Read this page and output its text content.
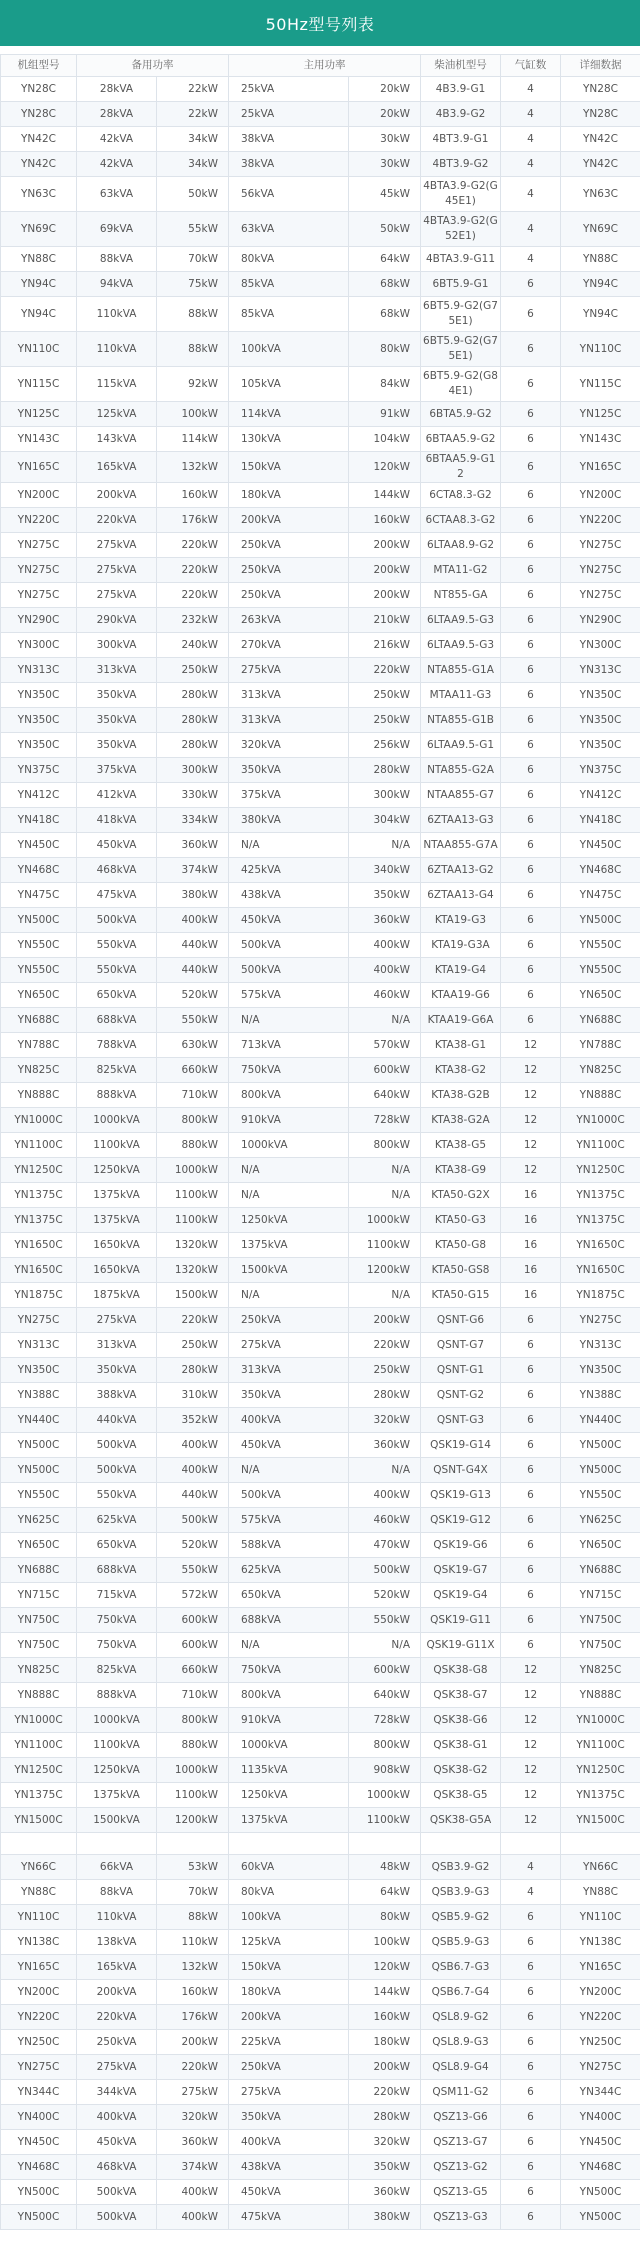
50Hz型号列表
机组型号	备用功率		主用功率		柴油机型号	气缸数	详细数据
YN28C	28kVA	22kW	25kVA	20kW	4B3.9-G1	4	YN28C
YN28C	28kVA	22kW	25kVA	20kW	4B3.9-G2	4	YN28C
YN42C	42kVA	34kW	38kVA	30kW	4BT3.9-G1	4	YN42C
YN42C	42kVA	34kW	38kVA	30kW	4BT3.9-G2	4	YN42C
YN63C	63kVA	50kW	56kVA	45kW	4BTA3.9-G2(G45E1)	4	YN63C
YN69C	69kVA	55kW	63kVA	50kW	4BTA3.9-G2(G52E1)	4	YN69C
YN88C	88kVA	70kW	80kVA	64kW	4BTA3.9-G11	4	YN88C
YN94C	94kVA	75kW	85kVA	68kW	6BT5.9-G1	6	YN94C
YN94C	110kVA	88kW	85kVA	68kW	6BT5.9-G2(G75E1)	6	YN94C
YN110C	110kVA	88kW	100kVA	80kW	6BT5.9-G2(G75E1)	6	YN110C
YN115C	115kVA	92kW	105kVA	84kW	6BT5.9-G2(G84E1)	6	YN115C
YN125C	125kVA	100kW	114kVA	91kW	6BTA5.9-G2	6	YN125C
YN143C	143kVA	114kW	130kVA	104kW	6BTAA5.9-G2	6	YN143C
YN165C	165kVA	132kW	150kVA	120kW	6BTAA5.9-G12	6	YN165C
YN200C	200kVA	160kW	180kVA	144kW	6CTA8.3-G2	6	YN200C
YN220C	220kVA	176kW	200kVA	160kW	6CTAA8.3-G2	6	YN220C
YN275C	275kVA	220kW	250kVA	200kW	6LTAA8.9-G2	6	YN275C
YN275C	275kVA	220kW	250kVA	200kW	MTA11-G2	6	YN275C
YN275C	275kVA	220kW	250kVA	200kW	NT855-GA	6	YN275C
YN290C	290kVA	232kW	263kVA	210kW	6LTAA9.5-G3	6	YN290C
YN300C	300kVA	240kW	270kVA	216kW	6LTAA9.5-G3	6	YN300C
YN313C	313kVA	250kW	275kVA	220kW	NTA855-G1A	6	YN313C
YN350C	350kVA	280kW	313kVA	250kW	MTAA11-G3	6	YN350C
YN350C	350kVA	280kW	313kVA	250kW	NTA855-G1B	6	YN350C
YN350C	350kVA	280kW	320kVA	256kW	6LTAA9.5-G1	6	YN350C
YN375C	375kVA	300kW	350kVA	280kW	NTA855-G2A	6	YN375C
YN412C	412kVA	330kW	375kVA	300kW	NTAA855-G7	6	YN412C
YN418C	418kVA	334kW	380kVA	304kW	6ZTAA13-G3	6	YN418C
YN450C	450kVA	360kW	N/A	N/A	NTAA855-G7A	6	YN450C
YN468C	468kVA	374kW	425kVA	340kW	6ZTAA13-G2	6	YN468C
YN475C	475kVA	380kW	438kVA	350kW	6ZTAA13-G4	6	YN475C
YN500C	500kVA	400kW	450kVA	360kW	KTA19-G3	6	YN500C
YN550C	550kVA	440kW	500kVA	400kW	KTA19-G3A	6	YN550C
YN550C	550kVA	440kW	500kVA	400kW	KTA19-G4	6	YN550C
YN650C	650kVA	520kW	575kVA	460kW	KTAA19-G6	6	YN650C
YN688C	688kVA	550kW	N/A	N/A	KTAA19-G6A	6	YN688C
YN788C	788kVA	630kW	713kVA	570kW	KTA38-G1	12	YN788C
YN825C	825kVA	660kW	750kVA	600kW	KTA38-G2	12	YN825C
YN888C	888kVA	710kW	800kVA	640kW	KTA38-G2B	12	YN888C
YN1000C	1000kVA	800kW	910kVA	728kW	KTA38-G2A	12	YN1000C
YN1100C	1100kVA	880kW	1000kVA	800kW	KTA38-G5	12	YN1100C
YN1250C	1250kVA	1000kW	N/A	N/A	KTA38-G9	12	YN1250C
YN1375C	1375kVA	1100kW	N/A	N/A	KTA50-G2X	16	YN1375C
YN1375C	1375kVA	1100kW	1250kVA	1000kW	KTA50-G3	16	YN1375C
YN1650C	1650kVA	1320kW	1375kVA	1100kW	KTA50-G8	16	YN1650C
YN1650C	1650kVA	1320kW	1500kVA	1200kW	KTA50-GS8	16	YN1650C
YN1875C	1875kVA	1500kW	N/A	N/A	KTA50-G15	16	YN1875C
YN275C	275kVA	220kW	250kVA	200kW	QSNT-G6	6	YN275C
YN313C	313kVA	250kW	275kVA	220kW	QSNT-G7	6	YN313C
YN350C	350kVA	280kW	313kVA	250kW	QSNT-G1	6	YN350C
YN388C	388kVA	310kW	350kVA	280kW	QSNT-G2	6	YN388C
YN440C	440kVA	352kW	400kVA	320kW	QSNT-G3	6	YN440C
YN500C	500kVA	400kW	450kVA	360kW	QSK19-G14	6	YN500C
YN500C	500kVA	400kW	N/A	N/A	QSNT-G4X	6	YN500C
YN550C	550kVA	440kW	500kVA	400kW	QSK19-G13	6	YN550C
YN625C	625kVA	500kW	575kVA	460kW	QSK19-G12	6	YN625C
YN650C	650kVA	520kW	588kVA	470kW	QSK19-G6	6	YN650C
YN688C	688kVA	550kW	625kVA	500kW	QSK19-G7	6	YN688C
YN715C	715kVA	572kW	650kVA	520kW	QSK19-G4	6	YN715C
YN750C	750kVA	600kW	688kVA	550kW	QSK19-G11	6	YN750C
YN750C	750kVA	600kW	N/A	N/A	QSK19-G11X	6	YN750C
YN825C	825kVA	660kW	750kVA	600kW	QSK38-G8	12	YN825C
YN888C	888kVA	710kW	800kVA	640kW	QSK38-G7	12	YN888C
YN1000C	1000kVA	800kW	910kVA	728kW	QSK38-G6	12	YN1000C
YN1100C	1100kVA	880kW	1000kVA	800kW	QSK38-G1	12	YN1100C
YN1250C	1250kVA	1000kW	1135kVA	908kW	QSK38-G2	12	YN1250C
YN1375C	1375kVA	1100kW	1250kVA	1000kW	QSK38-G5	12	YN1375C
YN1500C	1500kVA	1200kW	1375kVA	1100kW	QSK38-G5A	12	YN1500C

YN66C	66kVA	53kW	60kVA	48kW	QSB3.9-G2	4	YN66C
YN88C	88kVA	70kW	80kVA	64kW	QSB3.9-G3	4	YN88C
YN110C	110kVA	88kW	100kVA	80kW	QSB5.9-G2	6	YN110C
YN138C	138kVA	110kW	125kVA	100kW	QSB5.9-G3	6	YN138C
YN165C	165kVA	132kW	150kVA	120kW	QSB6.7-G3	6	YN165C
YN200C	200kVA	160kW	180kVA	144kW	QSB6.7-G4	6	YN200C
YN220C	220kVA	176kW	200kVA	160kW	QSL8.9-G2	6	YN220C
YN250C	250kVA	200kW	225kVA	180kW	QSL8.9-G3	6	YN250C
YN275C	275kVA	220kW	250kVA	200kW	QSL8.9-G4	6	YN275C
YN344C	344kVA	275kW	275kVA	220kW	QSM11-G2	6	YN344C
YN400C	400kVA	320kW	350kVA	280kW	QSZ13-G6	6	YN400C
YN450C	450kVA	360kW	400kVA	320kW	QSZ13-G7	6	YN450C
YN468C	468kVA	374kW	438kVA	350kW	QSZ13-G2	6	YN468C
YN500C	500kVA	400kW	450kVA	360kW	QSZ13-G5	6	YN500C
YN500C	500kVA	400kW	475kVA	380kW	QSZ13-G3	6	YN500C
